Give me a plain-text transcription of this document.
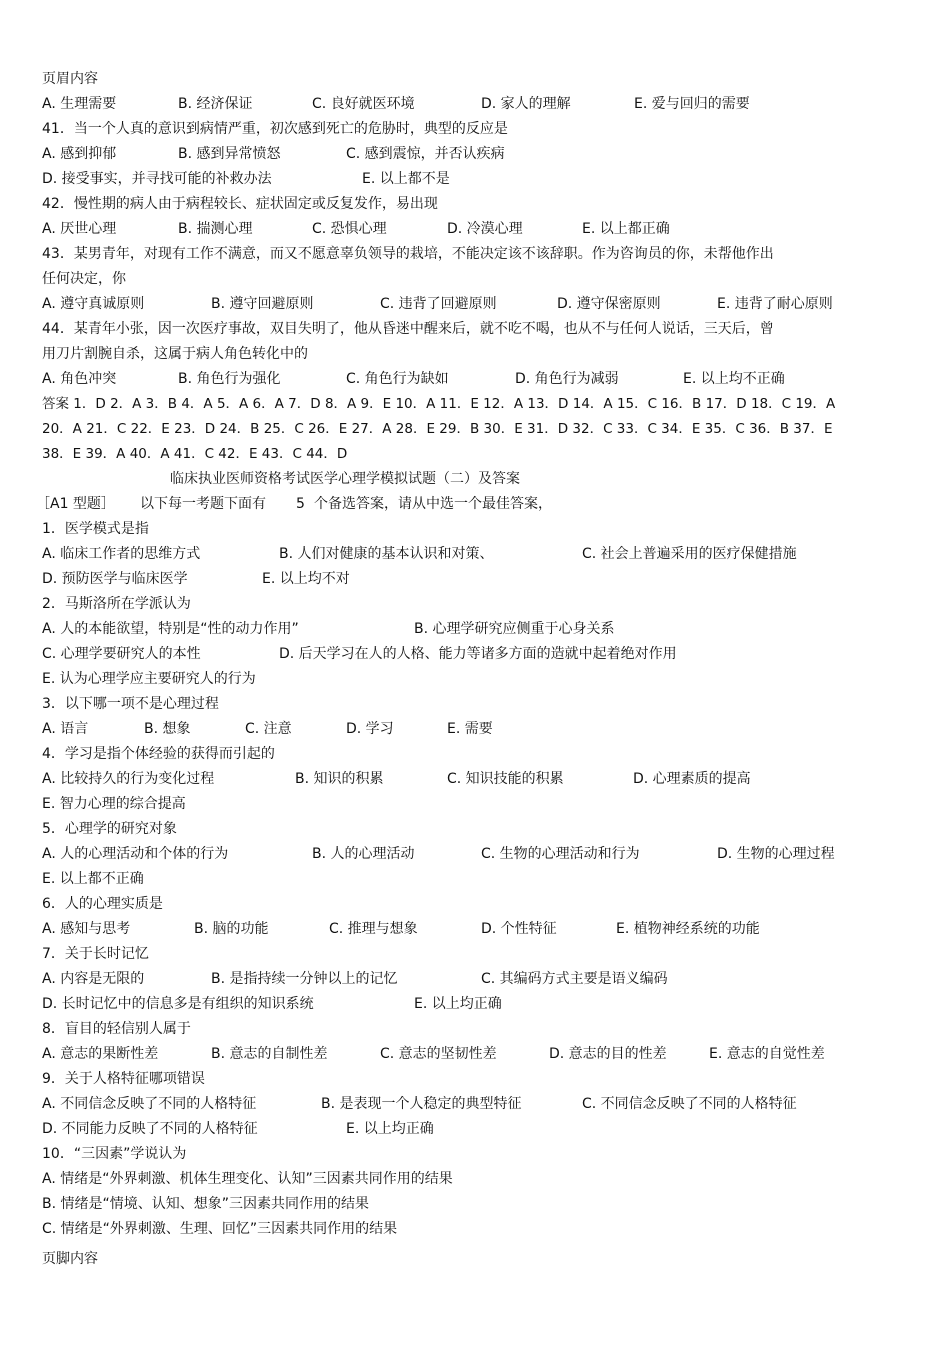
页眉内容
A. 生理需要	B. 经济保证	C. 良好就医环境	D. 家人的理解	E. 爱与回归的需要
41．当一个人真的意识到病情严重，初次感到死亡的危胁时，典型的反应是
A. 感到抑郁	B. 感到异常愤怒	C. 感到震惊，并否认疾病
D. 接受事实，并寻找可能的补救办法	E. 以上都不是
42．慢性期的病人由于病程较长、症状固定或反复发作，易出现
A. 厌世心理	B. 揣测心理	C. 恐惧心理	D. 冷漠心理	E. 以上都正确
43．某男青年，对现有工作不满意，而又不愿意辜负领导的栽培，不能决定该不该辞职。作为咨询员的你，未帮他作出
任何决定，你
A. 遵守真诚原则	B. 遵守回避原则	C. 违背了回避原则	D. 遵守保密原则	E. 违背了耐心原则
44．某青年小张，因一次医疗事故，双目失明了，他从昏迷中醒来后，就不吃不喝，也从不与任何人说话，三天后，曾
用刀片割腕自杀，这属于病人角色转化中的
A. 角色冲突	B. 角色行为强化	C. 角色行为缺如	D. 角色行为减弱	E. 以上均不正确
答案 1．D 2．A 3．B 4．A 5．A 6．A 7．D 8．A 9．E 10．A 11．E 12．A 13．D 14．A 15．C 16．B 17．D 18．C 19．A
20．A 21．C 22．E 23．D 24．B 25．C 26．E 27．A 28．E 29．B 30．E 31．D 32．C 33．C 34．E 35．C 36．B 37．E
38．E 39．A 40．A 41．C 42．E 43．C 44．D
临床执业医师资格考试医学心理学模拟试题（二）及答案
［A1 型题］ 以下每一考题下面有 5 个备选答案，请从中选一个最佳答案，
1．医学模式是指
A. 临床工作者的思维方式	B. 人们对健康的基本认识和对策、	C. 社会上普遍采用的医疗保健措施
D. 预防医学与临床医学	E. 以上均不对
2．马斯洛所在学派认为
A. 人的本能欲望，特别是“性的动力作用”	B. 心理学研究应侧重于心身关系
C. 心理学要研究人的本性	D. 后天学习在人的人格、能力等诸多方面的造就中起着绝对作用
E. 认为心理学应主要研究人的行为
3．以下哪一项不是心理过程
A. 语言	B. 想象	C. 注意	D. 学习	E. 需要
4．学习是指个体经验的获得而引起的
A. 比较持久的行为变化过程	B. 知识的积累	C. 知识技能的积累	D. 心理素质的提高
E. 智力心理的综合提高
5．心理学的研究对象
A. 人的心理活动和个体的行为	B. 人的心理活动	C. 生物的心理活动和行为	D. 生物的心理过程
E. 以上都不正确
6．人的心理实质是
A. 感知与思考	B. 脑的功能	C. 推理与想象	D. 个性特征	E. 植物神经系统的功能
7．关于长时记忆
A. 内容是无限的	B. 是指持续一分钟以上的记忆	C. 其编码方式主要是语义编码
D. 长时记忆中的信息多是有组织的知识系统	E. 以上均正确
8．盲目的轻信别人属于
A. 意志的果断性差	B. 意志的自制性差	C. 意志的坚韧性差	D. 意志的目的性差	E. 意志的自觉性差
9．关于人格特征哪项错误
A. 不同信念反映了不同的人格特征	B. 是表现一个人稳定的典型特征	C. 不同信念反映了不同的人格特征
D. 不同能力反映了不同的人格特征	E. 以上均正确
10．“三因素”学说认为
A. 情绪是“外界刺激、机体生理变化、认知”三因素共同作用的结果
B. 情绪是“情境、认知、想象”三因素共同作用的结果
C. 情绪是“外界刺激、生理、回忆”三因素共同作用的结果
页脚内容
